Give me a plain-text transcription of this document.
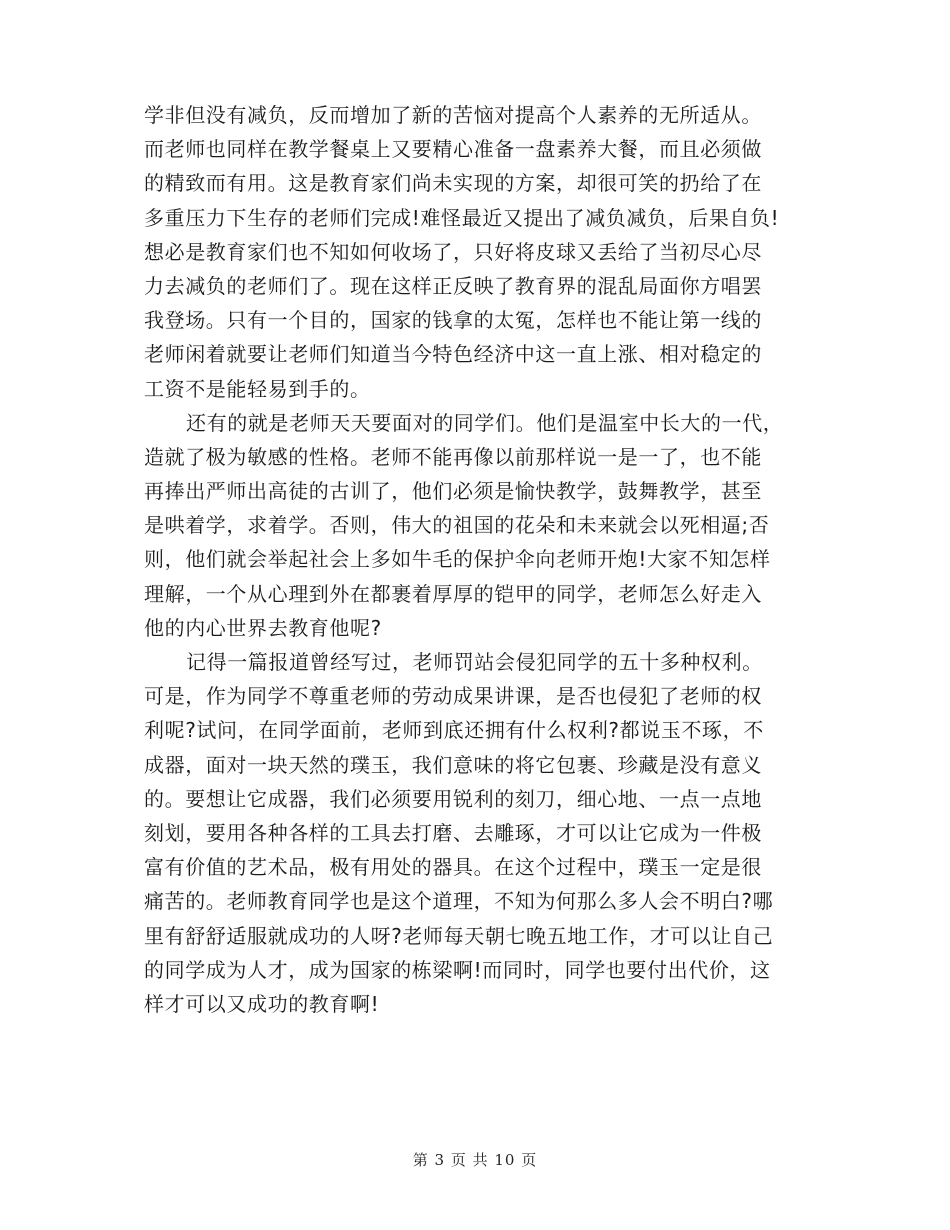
学非但没有减负，反而增加了新的苦恼对提高个人素养的无所适从。
而老师也同样在教学餐桌上又要精心准备一盘素养大餐，而且必须做
的精致而有用。这是教育家们尚未实现的方案，却很可笑的扔给了在
多重压力下生存的老师们完成!难怪最近又提出了减负减负，后果自负!
想必是教育家们也不知如何收场了，只好将皮球又丢给了当初尽心尽
力去减负的老师们了。现在这样正反映了教育界的混乱局面你方唱罢
我登场。只有一个目的，国家的钱拿的太冤，怎样也不能让第一线的
老师闲着就要让老师们知道当今特色经济中这一直上涨、相对稳定的
工资不是能轻易到手的。
还有的就是老师天天要面对的同学们。他们是温室中长大的一代，
造就了极为敏感的性格。老师不能再像以前那样说一是一了，也不能
再捧出严师出高徒的古训了，他们必须是愉快教学，鼓舞教学，甚至
是哄着学，求着学。否则，伟大的祖国的花朵和未来就会以死相逼;否
则，他们就会举起社会上多如牛毛的保护伞向老师开炮!大家不知怎样
理解，一个从心理到外在都裹着厚厚的铠甲的同学，老师怎么好走入
他的内心世界去教育他呢?
记得一篇报道曾经写过，老师罚站会侵犯同学的五十多种权利。
可是，作为同学不尊重老师的劳动成果讲课，是否也侵犯了老师的权
利呢?试问，在同学面前，老师到底还拥有什么权利?都说玉不琢，不
成器，面对一块天然的璞玉，我们意味的将它包裹、珍藏是没有意义
的。要想让它成器，我们必须要用锐利的刻刀，细心地、一点一点地
刻划，要用各种各样的工具去打磨、去雕琢，才可以让它成为一件极
富有价值的艺术品，极有用处的器具。在这个过程中，璞玉一定是很
痛苦的。老师教育同学也是这个道理，不知为何那么多人会不明白?哪
里有舒舒适服就成功的人呀?老师每天朝七晚五地工作，才可以让自己
的同学成为人才，成为国家的栋梁啊!而同时，同学也要付出代价，这
样才可以又成功的教育啊!
第 3 页 共 10 页
